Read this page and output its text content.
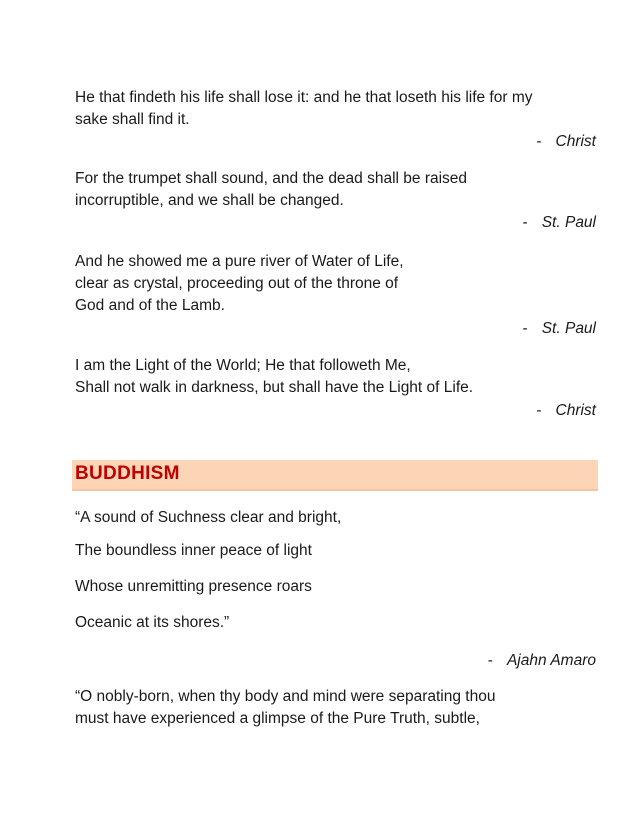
He that findeth his life shall lose it: and he that loseth his life for my
sake shall find it.
- Christ
For the trumpet shall sound, and the dead shall be raised
incorruptible, and we shall be changed.
- St. Paul
And he showed me a pure river of Water of Life,
clear as crystal, proceeding out of the throne of
God and of the Lamb.
- St. Paul
I am the Light of the World; He that followeth Me,
Shall not walk in darkness, but shall have the Light of Life.
- Christ
BUDDHISM
“A sound of Suchness clear and bright,
The boundless inner peace of light
Whose unremitting presence roars
Oceanic at its shores.”
- Ajahn Amaro
“O nobly-born, when thy body and mind were separating thou
must have experienced a glimpse of the Pure Truth, subtle,
